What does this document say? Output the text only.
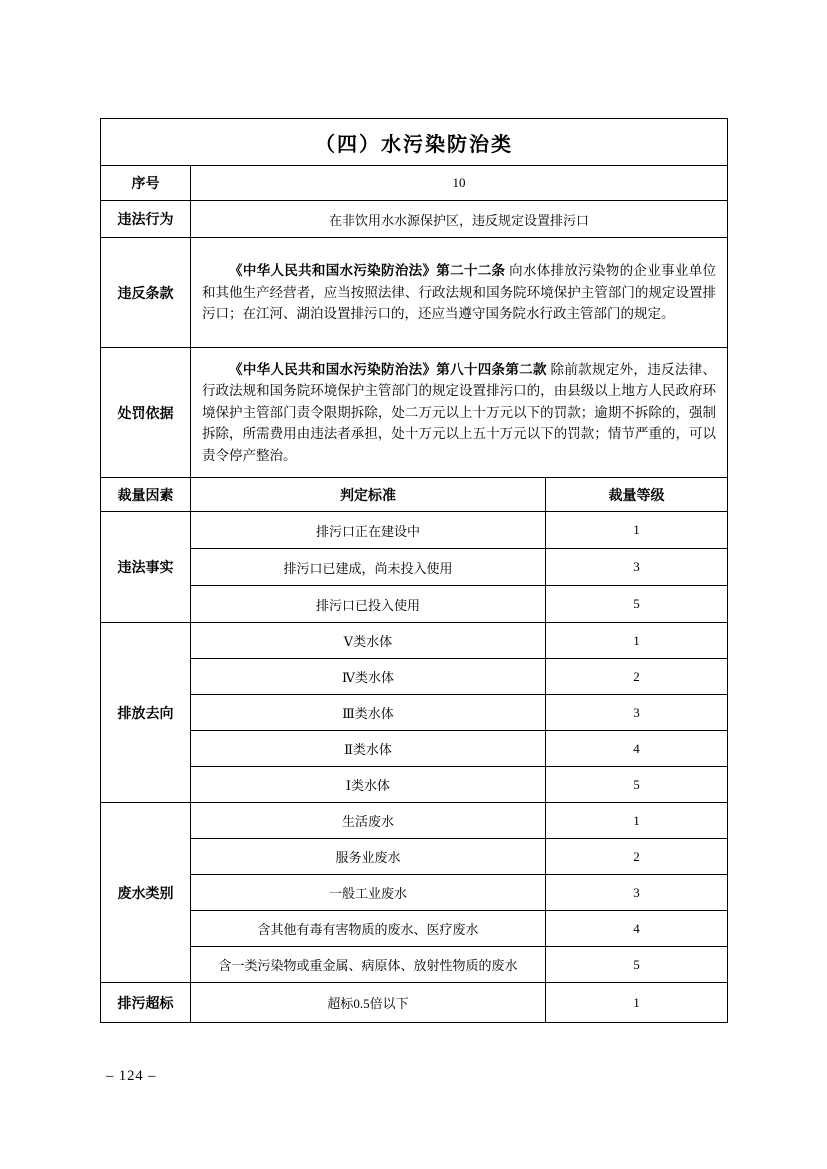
（四）水污染防治类		
序号	10	
违法行为	在非饮用水水源保护区，违反规定设置排污口	
违反条款	《中华人民共和国水污染防治法》第二十二条 向水体排放污染物的企业事业单位和其他生产经营者，应当按照法律、行政法规和国务院环境保护主管部门的规定设置排污口；在江河、湖泊设置排污口的，还应当遵守国务院水行政主管部门的规定。	
处罚依据	《中华人民共和国水污染防治法》第八十四条第二款 除前款规定外，违反法律、行政法规和国务院环境保护主管部门的规定设置排污口的，由县级以上地方人民政府环境保护主管部门责令限期拆除，处二万元以上十万元以下的罚款；逾期不拆除的，强制拆除，所需费用由违法者承担，处十万元以上五十万元以下的罚款；情节严重的，可以责令停产整治。	
裁量因素	判定标准	裁量等级
违法事实	排污口正在建设中	1
	排污口已建成，尚未投入使用	3
	排污口已投入使用	5
排放去向	Ⅴ类水体	1
	Ⅳ类水体	2
	Ⅲ类水体	3
	Ⅱ类水体	4
	Ⅰ类水体	5
废水类别	生活废水	1
	服务业废水	2
	一般工业废水	3
	含其他有毒有害物质的废水、医疗废水	4
	含一类污染物或重金属、病原体、放射性物质的废水	5
排污超标	超标0.5倍以下	1
– 124 –
